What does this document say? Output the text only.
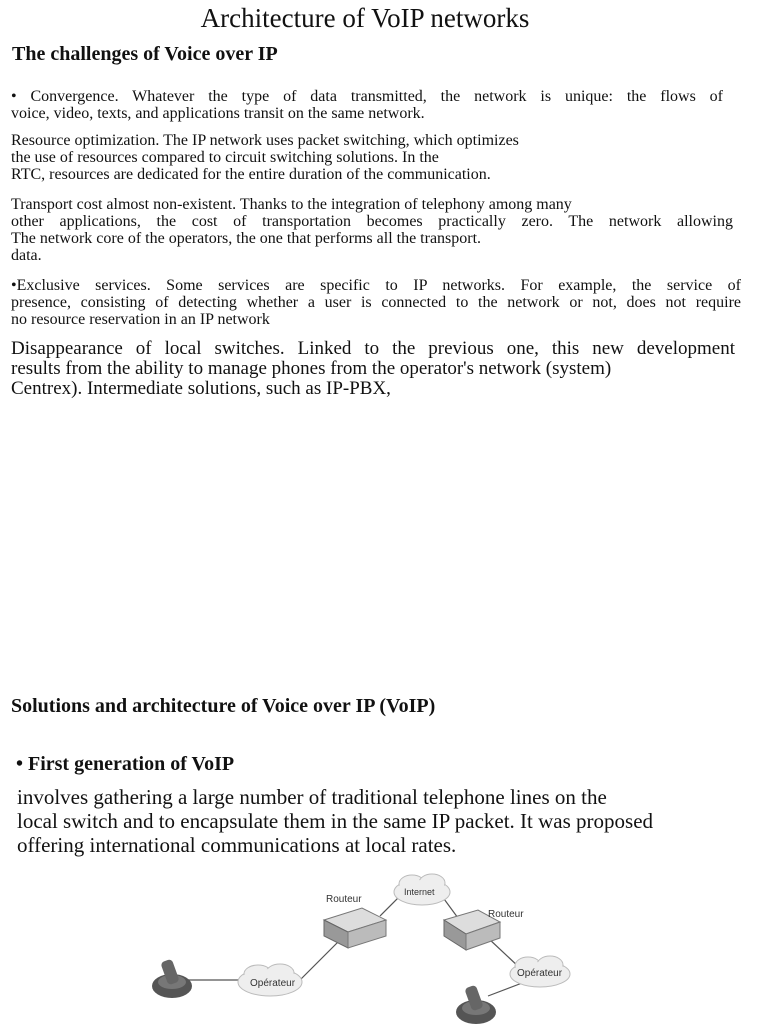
Architecture of VoIP networks
The challenges of Voice over IP
• Convergence. Whatever the type of data transmitted, the network is unique: the flows of
voice, video, texts, and applications transit on the same network.
Resource optimization. The IP network uses packet switching, which optimizes
the use of resources compared to circuit switching solutions. In the
RTC, resources are dedicated for the entire duration of the communication.
Transport cost almost non-existent. Thanks to the integration of telephony among many
other applications, the cost of transportation becomes practically zero. The network allowing
The network core of the operators, the one that performs all the transport.
data.
•Exclusive services. Some services are specific to IP networks. For example, the service of
presence, consisting of detecting whether a user is connected to the network or not, does not require
no resource reservation in an IP network
Disappearance of local switches. Linked to the previous one, this new development
results from the ability to manage phones from the operator's network (system)
Centrex). Intermediate solutions, such as IP-PBX,
Solutions and architecture of Voice over IP (VoIP)
• First generation of VoIP
involves gathering a large number of traditional telephone lines on the
local switch and to encapsulate them in the same IP packet. It was proposed
offering international communications at local rates.
Opérateur
Routeur
Internet
Routeur
Opérateur
